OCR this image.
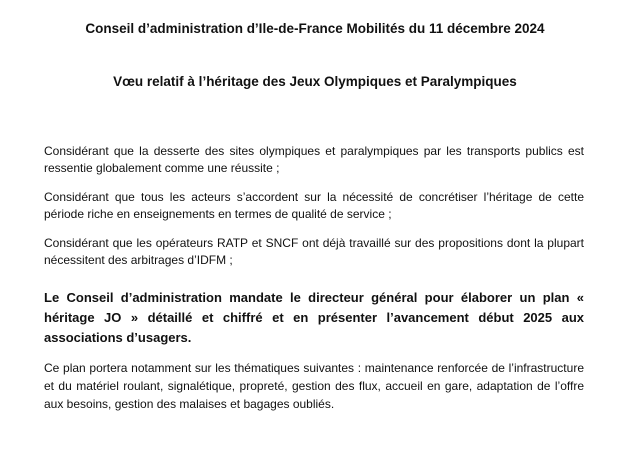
Conseil d’administration d’Ile-de-France Mobilités du 11 décembre 2024
Vœu relatif à l’héritage des Jeux Olympiques et Paralympiques

Considérant que la desserte des sites olympiques et paralympiques par les transports publics est ressentie globalement comme une réussite ;

Considérant que tous les acteurs s’accordent sur la nécessité de concrétiser l’héritage de cette période riche en enseignements en termes de qualité de service ;

Considérant que les opérateurs RATP et SNCF ont déjà travaillé sur des propositions dont la plupart nécessitent des arbitrages d’IDFM ;

Le Conseil d’administration mandate le directeur général pour élaborer un plan « héritage JO » détaillé et chiffré et en présenter l’avancement début 2025 aux associations d’usagers.

Ce plan portera notamment sur les thématiques suivantes : maintenance renforcée de l’infrastructure et du matériel roulant, signalétique, propreté, gestion des flux, accueil en gare, adaptation de l’offre aux besoins, gestion des malaises et bagages oubliés.
